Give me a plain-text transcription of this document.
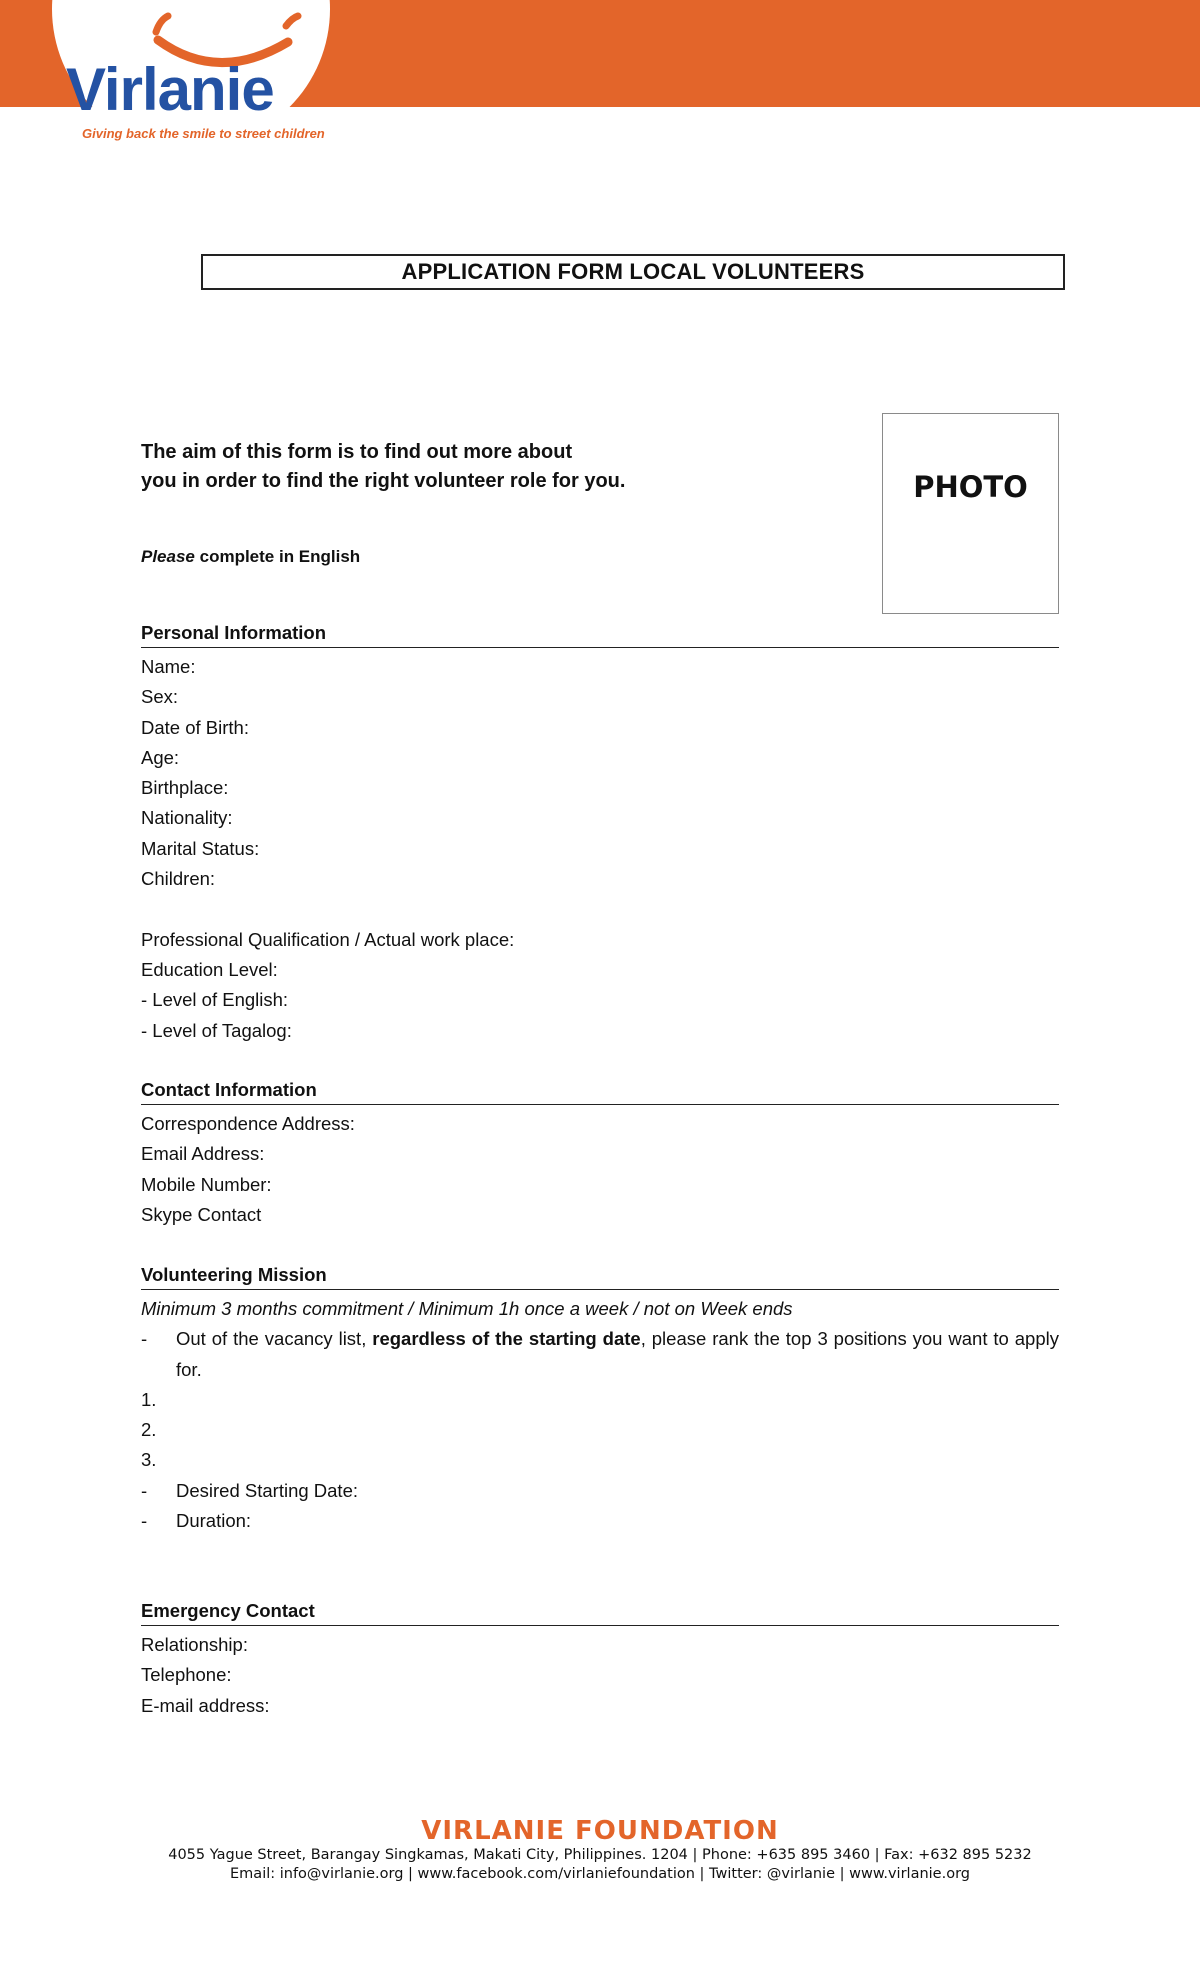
Virlanie
Giving back the smile to street children
APPLICATION FORM LOCAL VOLUNTEERS
PHOTO
The aim of this form is to find out more about
you in order to find the right volunteer role for you.
Please complete in English
Personal Information
Name:
Sex:
Date of Birth:
Age:
Birthplace:
Nationality:
Marital Status:
Children:
Professional Qualification / Actual work place:
Education Level:
- Level of English:
- Level of Tagalog:
Contact Information
Correspondence Address:
Email Address:
Mobile Number:
Skype Contact
Volunteering Mission
Minimum 3 months commitment / Minimum 1h once a week / not on Week ends
-	Out of the vacancy list, regardless of the starting date, please rank the top 3 positions you want to apply for.
1.
2.
3.
-	Desired Starting Date:
-	Duration:
Emergency Contact
Relationship:
Telephone:
E-mail address:
VIRLANIE FOUNDATION
4055 Yague Street, Barangay Singkamas, Makati City, Philippines. 1204 | Phone: +635 895 3460 | Fax: +632 895 5232
Email: info@virlanie.org | www.facebook.com/virlaniefoundation | Twitter: @virlanie | www.virlanie.org
